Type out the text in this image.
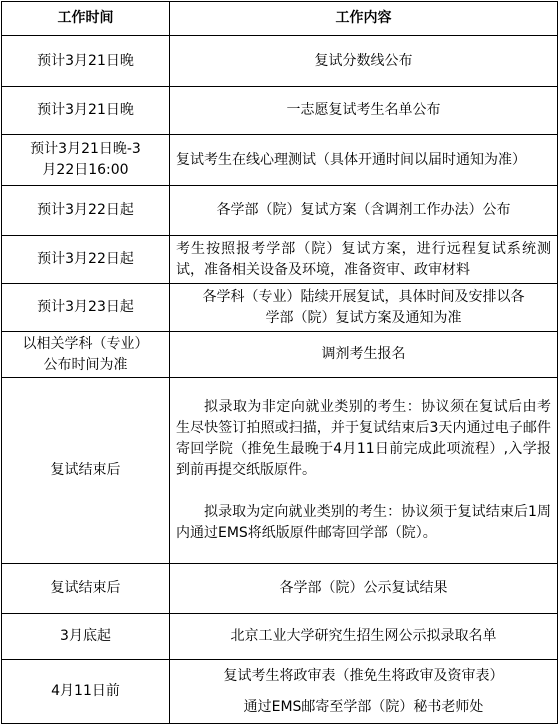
工作时间	工作内容
预计3月21日晚	复试分数线公布
预计3月21日晚	一志愿复试考生名单公布
预计3月21日晚-3月22日16:00	复试考生在线心理测试（具体开通时间以届时通知为准）
预计3月22日起	各学部（院）复试方案（含调剂工作办法）公布
预计3月22日起	考生按照报考学部（院）复试方案，进行远程复试系统测试，准备相关设备及环境，准备资审、政审材料
预计3月23日起	各学科（专业）陆续开展复试，具体时间及安排以各学部（院）复试方案及通知为准
以相关学科（专业）公布时间为准	调剂考生报名
复试结束后	拟录取为非定向就业类别的考生：协议须在复试后由考生尽快签订拍照或扫描，并于复试结束后3天内通过电子邮件寄回学院（推免生最晚于4月11日前完成此项流程）,入学报到前再提交纸版原件。

拟录取为定向就业类别的考生：协议须于复试结束后1周内通过EMS将纸版原件邮寄回学部（院）。

复试结束后	各学部（院）公示复试结果
3月底起	北京工业大学研究生招生网公示拟录取名单
4月11日前	复试考生将政审表（推免生将政审及资审表）

通过EMS邮寄至学部（院）秘书老师处
